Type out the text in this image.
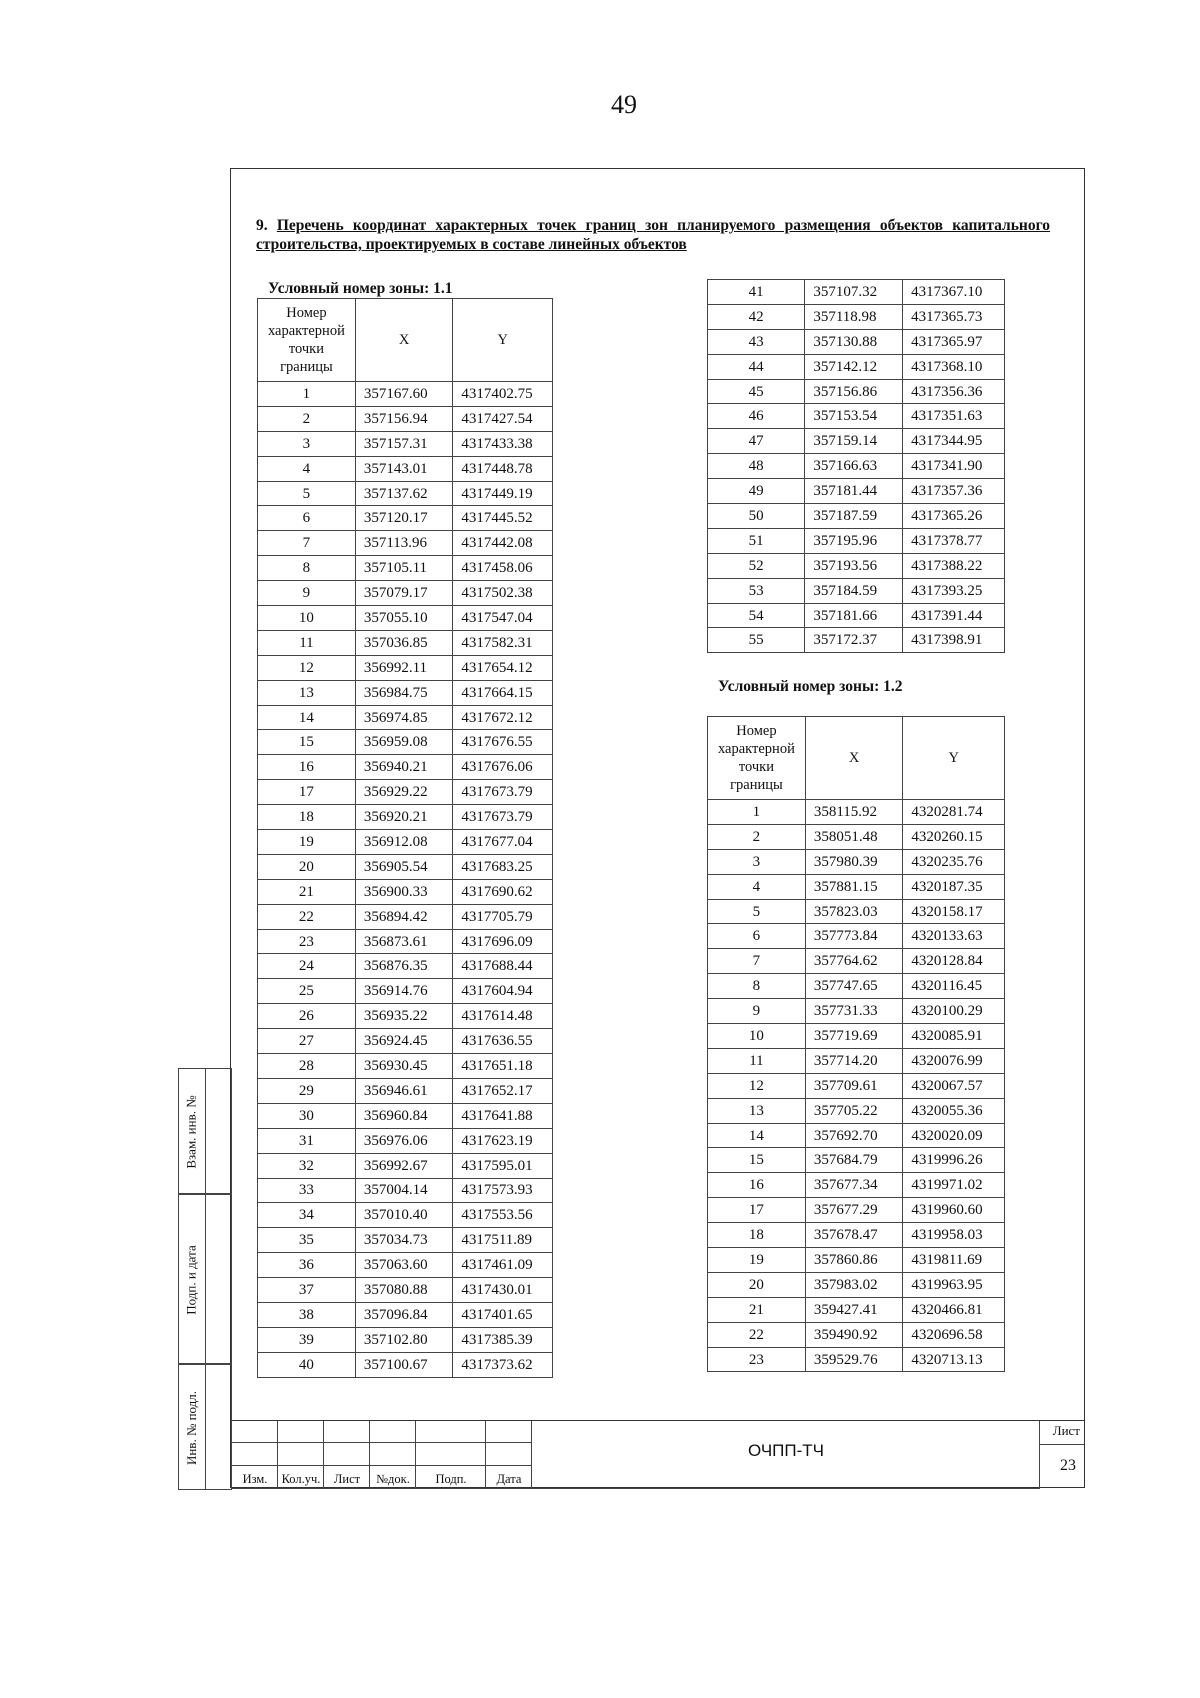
49
9. Перечень координат характерных точек границ зон планируемого размещения объектов капитального строительства, проектируемых в составе линейных объектов
Условный номер зоны: 1.1
Номер характерной точки границы	X	Y
1	357167.60	4317402.75
2	357156.94	4317427.54
3	357157.31	4317433.38
4	357143.01	4317448.78
5	357137.62	4317449.19
6	357120.17	4317445.52
7	357113.96	4317442.08
8	357105.11	4317458.06
9	357079.17	4317502.38
10	357055.10	4317547.04
11	357036.85	4317582.31
12	356992.11	4317654.12
13	356984.75	4317664.15
14	356974.85	4317672.12
15	356959.08	4317676.55
16	356940.21	4317676.06
17	356929.22	4317673.79
18	356920.21	4317673.79
19	356912.08	4317677.04
20	356905.54	4317683.25
21	356900.33	4317690.62
22	356894.42	4317705.79
23	356873.61	4317696.09
24	356876.35	4317688.44
25	356914.76	4317604.94
26	356935.22	4317614.48
27	356924.45	4317636.55
28	356930.45	4317651.18
29	356946.61	4317652.17
30	356960.84	4317641.88
31	356976.06	4317623.19
32	356992.67	4317595.01
33	357004.14	4317573.93
34	357010.40	4317553.56
35	357034.73	4317511.89
36	357063.60	4317461.09
37	357080.88	4317430.01
38	357096.84	4317401.65
39	357102.80	4317385.39
40	357100.67	4317373.62
41	357107.32	4317367.10
42	357118.98	4317365.73
43	357130.88	4317365.97
44	357142.12	4317368.10
45	357156.86	4317356.36
46	357153.54	4317351.63
47	357159.14	4317344.95
48	357166.63	4317341.90
49	357181.44	4317357.36
50	357187.59	4317365.26
51	357195.96	4317378.77
52	357193.56	4317388.22
53	357184.59	4317393.25
54	357181.66	4317391.44
55	357172.37	4317398.91
Условный номер зоны: 1.2
Номер характерной точки границы	X	Y
1	358115.92	4320281.74
2	358051.48	4320260.15
3	357980.39	4320235.76
4	357881.15	4320187.35
5	357823.03	4320158.17
6	357773.84	4320133.63
7	357764.62	4320128.84
8	357747.65	4320116.45
9	357731.33	4320100.29
10	357719.69	4320085.91
11	357714.20	4320076.99
12	357709.61	4320067.57
13	357705.22	4320055.36
14	357692.70	4320020.09
15	357684.79	4319996.26
16	357677.34	4319971.02
17	357677.29	4319960.60
18	357678.47	4319958.03
19	357860.86	4319811.69
20	357983.02	4319963.95
21	359427.41	4320466.81
22	359490.92	4320696.58
23	359529.76	4320713.13
Взам. инв. №
Подп. и дата
Инв. № подл.
Изм.	Кол.уч.	Лист	№док.	Подп.	Дата
ОЧПП-ТЧ
Лист
23
